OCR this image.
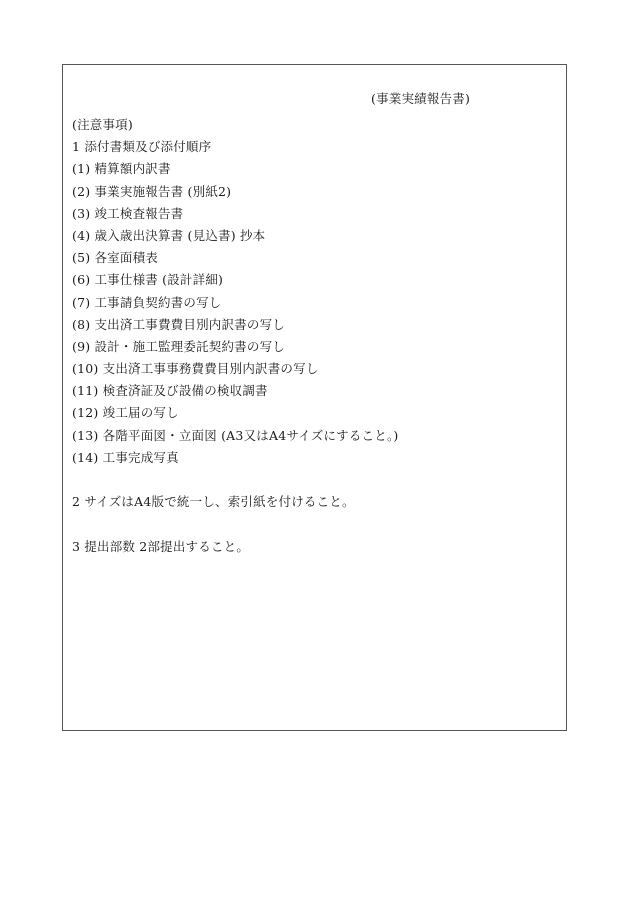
(事業実績報告書)
(注意事項)
1 添付書類及び添付順序
(1) 精算額内訳書
(2) 事業実施報告書 (別紙2)
(3) 竣工検査報告書
(4) 歳入歳出決算書 (見込書) 抄本
(5) 各室面積表
(6) 工事仕様書 (設計詳細)
(7) 工事請負契約書の写し
(8) 支出済工事費費目別内訳書の写し
(9) 設計・施工監理委託契約書の写し
(10) 支出済工事事務費費目別内訳書の写し
(11) 検査済証及び設備の検収調書
(12) 竣工届の写し
(13) 各階平面図・立面図 (A3又はA4サイズにすること。)
(14) 工事完成写真
2 サイズはA4版で統一し、索引紙を付けること。
3 提出部数 2部提出すること。
